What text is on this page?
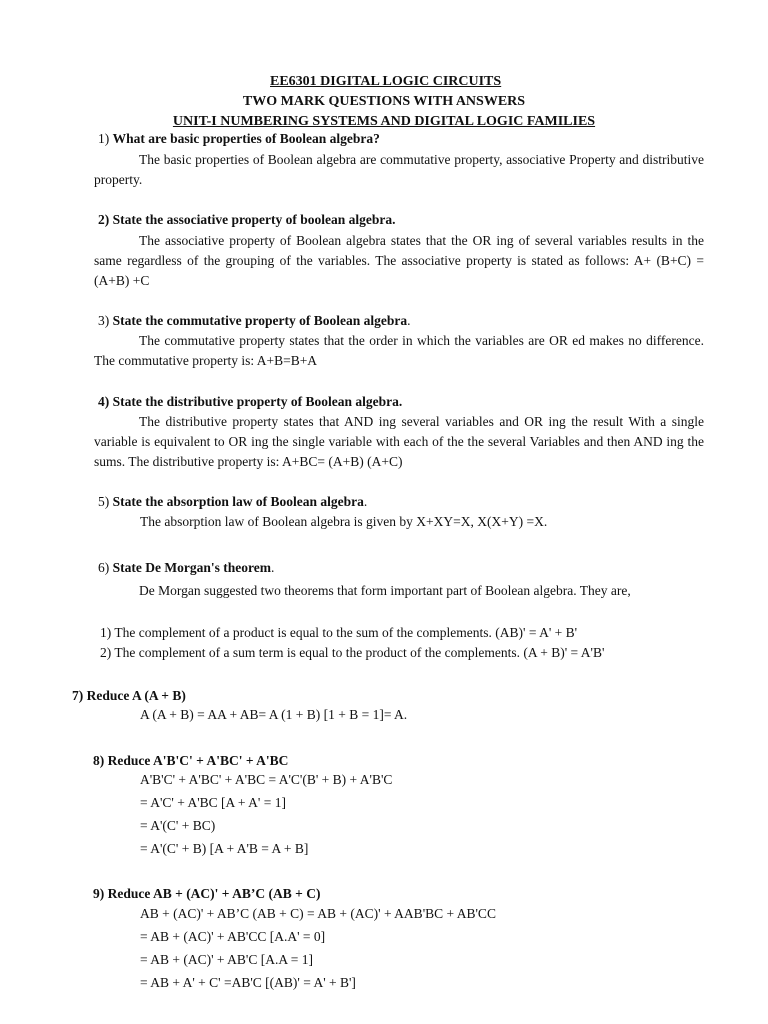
EE6301 DIGITAL LOGIC CIRCUITS
TWO MARK QUESTIONS WITH ANSWERS
UNIT-I NUMBERING SYSTEMS AND DIGITAL LOGIC FAMILIES
1) What are basic properties of Boolean algebra?
The basic properties of Boolean algebra are commutative property, associative Property and distributive property.
2) State the associative property of boolean algebra.
The associative property of Boolean algebra states that the OR ing of several variables results in the same regardless of the grouping of the variables. The associative property is stated as follows: A+ (B+C) = (A+B) +C
3) State the commutative property of Boolean algebra.
The commutative property states that the order in which the variables are OR ed makes no difference. The commutative property is: A+B=B+A
4) State the distributive property of Boolean algebra.
The distributive property states that AND ing several variables and OR ing the result With a single variable is equivalent to OR ing the single variable with each of the the several Variables and then AND ing the sums. The distributive property is: A+BC= (A+B) (A+C)
5) State the absorption law of Boolean algebra.
The absorption law of Boolean algebra is given by X+XY=X, X(X+Y) =X.
6) State De Morgan's theorem.
De Morgan suggested two theorems that form important part of Boolean algebra. They are,
1) The complement of a product is equal to the sum of the complements. (AB)' = A' + B'
2) The complement of a sum term is equal to the product of the complements. (A + B)' = A'B'
7) Reduce A (A + B)
A (A + B) = AA + AB= A (1 + B) [1 + B = 1]= A.
8) Reduce A'B'C' + A'BC' + A'BC
A'B'C' + A'BC' + A'BC = A'C'(B' + B) + A'B'C
= A'C' + A'BC [A + A' = 1]
= A'(C' + BC)
= A'(C' + B) [A + A'B = A + B]
9) Reduce AB + (AC)' + AB’C (AB + C)
AB + (AC)' + AB’C (AB + C) = AB + (AC)' + AAB'BC + AB'CC
= AB + (AC)' + AB'CC [A.A' = 0]
= AB + (AC)' + AB'C [A.A = 1]
= AB + A' + C' =AB'C [(AB)' = A' + B']
